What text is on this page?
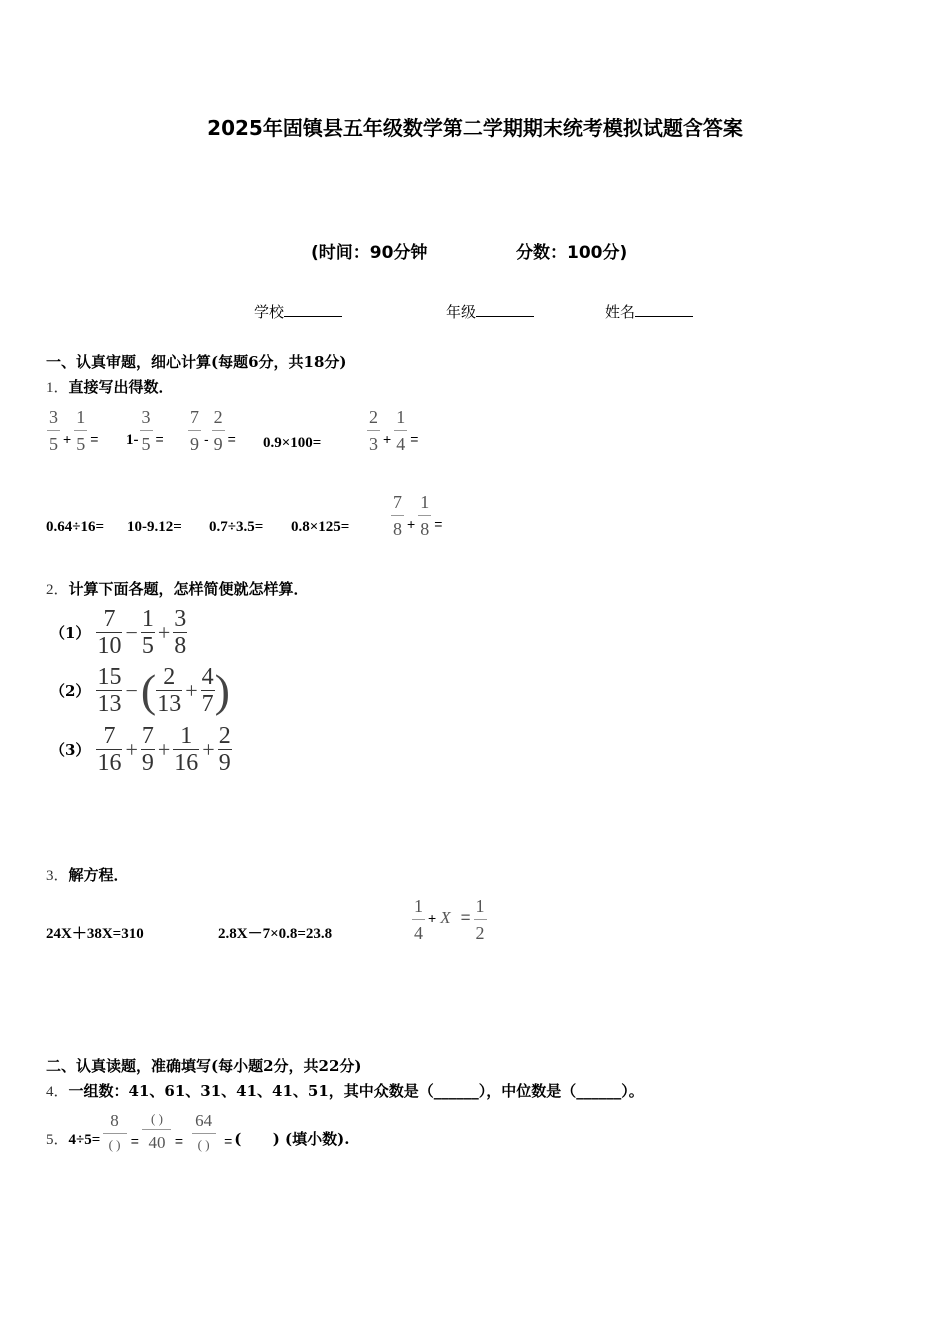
2025年固镇县五年级数学第二学期期末统考模拟试题含答案
(时间：90分钟	分数：100分)
学校	年级	姓名
一、认真审题，细心计算(每题6分，共18分)
1．直接写出得数．
$\frac{3}{5} + \frac{1}{5} = 1- \frac{3}{5} = \frac{7}{9} - \frac{2}{9} = 0.9\times 100=$	$\frac{2}{3} + \frac{1}{4}$ =
$0.64\div 16= 10-9.12= 0.7\div 3.5= 0.8\times 125= \frac{7}{8} + \frac{1}{8}$ =
2．计算下面各题，怎样简便就怎样算．
$(1) \frac{7}{10} - \frac{1}{5} + \frac{3}{8}$
$(2) \frac{15}{13}$ − ( $\frac{2}{13} + \frac{4}{7}$ )
$(3) \frac{7}{16} + \frac{7}{9} + \frac{1}{16} + \frac{2}{9}$
3．解方程．
24X＋38X=310	2.8X－7×0.8=23.8	$\frac{1}{4} + X = \frac{1}{2}$
二、认真读题，准确填写(每小题2分，共22分)
4．一组数：41、61、31、41、41、51，其中众数是（______），中位数是（______）。
5． $4\div 5= \frac{8}{( )} = \frac{( )}{40} = \frac{64}{( )}$ = (      ) (填小数).
